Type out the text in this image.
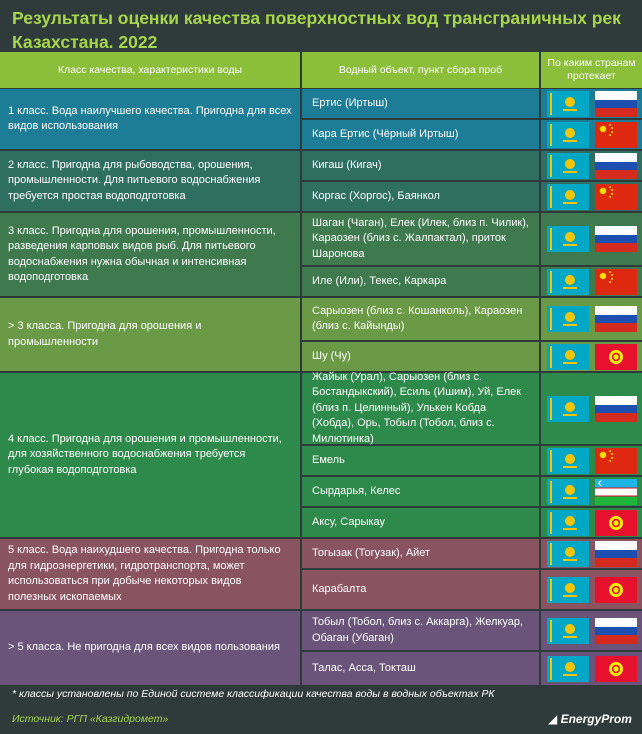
Результаты оценки качества поверхностных вод трансграничных рек Казахстана. 2022
Класс качества, характеристики воды	Водный объект, пункт сбора проб
По каким странам протекает
1 класс. Вода наилучшего качества. Пригодна для всех видов использования
Ертис (Иртыш)
Кара Ертис (Чёрный Иртыш)
2 класс. Пригодна для рыбоводства, орошения, промышленности. Для питьевого водоснабжения требуется простая водоподготовка
Кигаш (Кигач)
Коргас (Хоргос), Баянкол
3 класс. Пригодна для орошения, промышленности, разведения карповых видов рыб. Для питьевого водоснабжения нужна обычная и интенсивная водоподготовка
Шаган (Чаган), Елек (Илек, близ п. Чилик), Караозен (близ с. Жалпактал), приток Шаронова
Иле (Или), Текес, Каркара
> 3 класса. Пригодна для орошения и промышленности
Сарыозен (близ с. Кошанколь), Караозен (близ с. Кайынды)
Шу (Чу)
4 класс. Пригодна для орошения и промышленности, для хозяйственного водоснабжения требуется глубокая водоподготовка
Жайык (Урал), Сарыозен (близ с. Бостандыкский), Есиль (Ишим), Уй, Елек (близ п. Целинный), Улькен Кобда (Хобда), Орь, Тобыл (Тобол, близ с. Милютинка)
Емель
Сырдарья, Келес
Аксу, Сарыкау
5 класс. Вода наихудшего качества. Пригодна только для гидроэнергетики, гидротранспорта, может использоваться при добыче некоторых видов полезных ископаемых
Тогызак (Тогузак), Айет
Карабалта
> 5 класса. Не пригодна для всех видов пользования
Тобыл (Тобол, близ с. Аккарга), Желкуар, Обаган (Убаган)
Талас, Асса, Токташ
* классы установлены по Единой системе классификации качества воды в водных объектах РК
Источник: РГП «Казгидромет»	◢ EnergyProm
